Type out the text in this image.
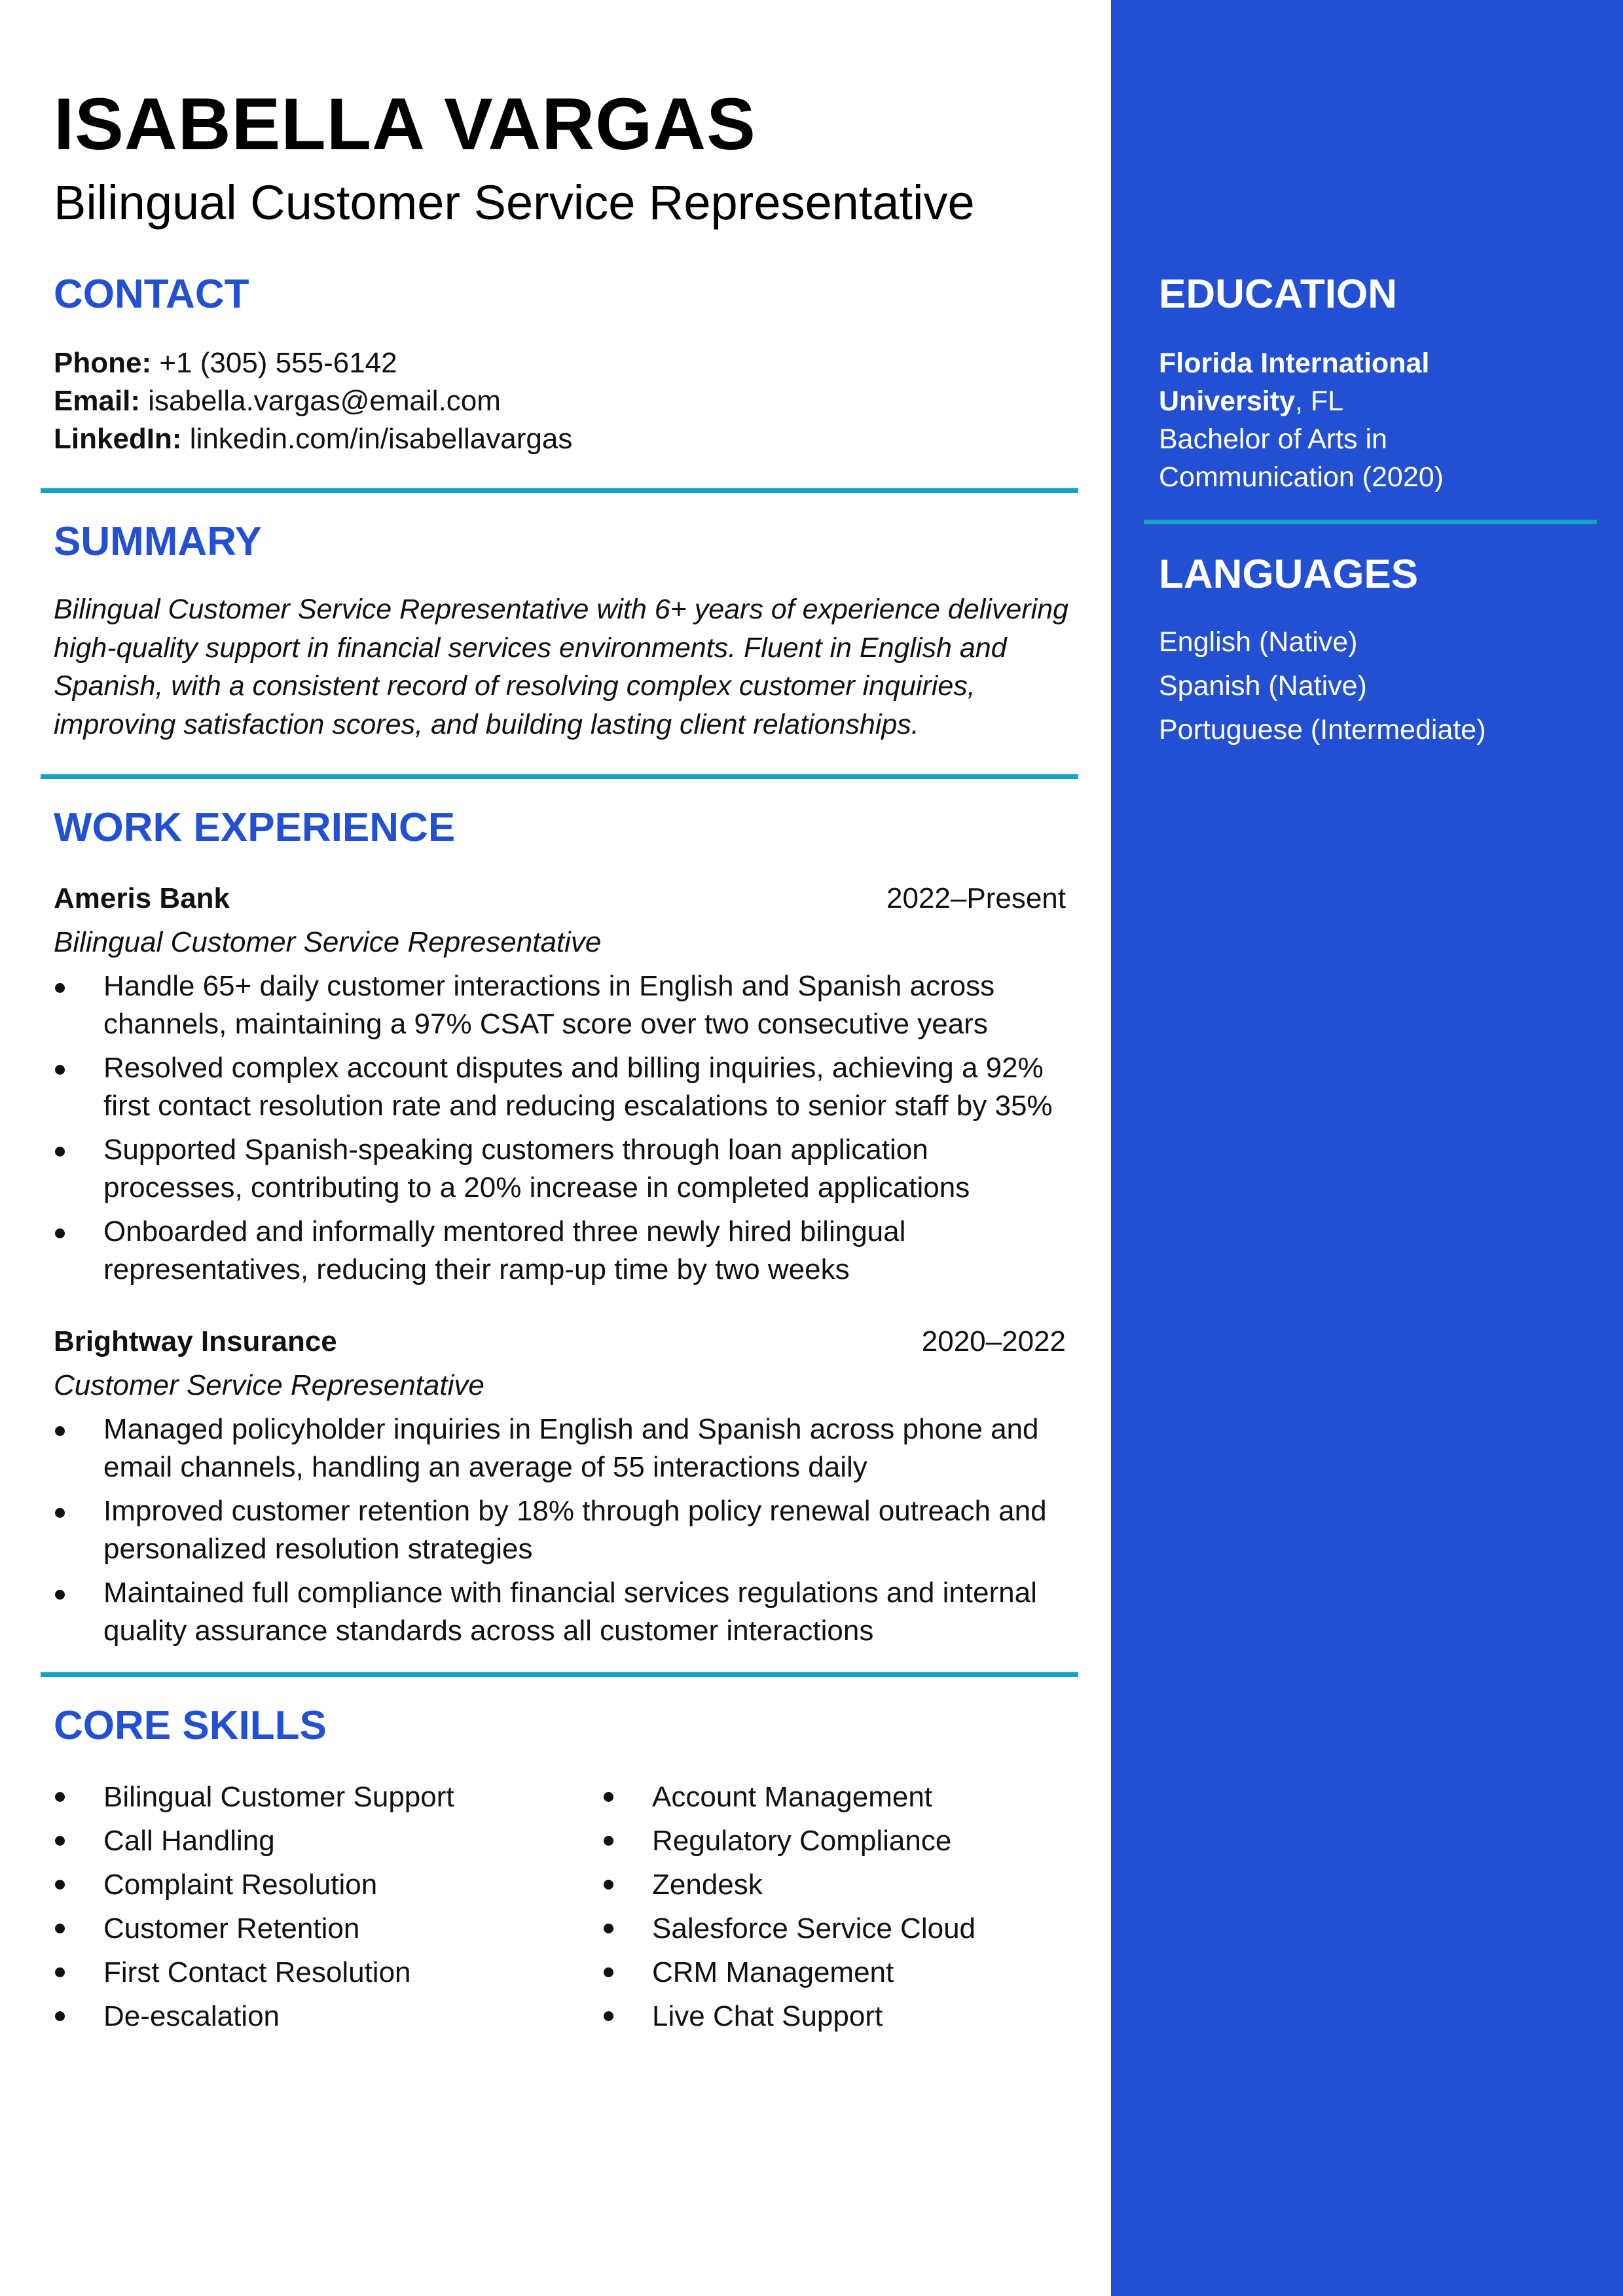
ISABELLA VARGAS
Bilingual Customer Service Representative
CONTACT
Phone: +1 (305) 555-6142
Email: isabella.vargas@email.com
LinkedIn: linkedin.com/in/isabellavargas
SUMMARY
Bilingual Customer Service Representative with 6+ years of experience delivering high-quality support in financial services environments. Fluent in English and Spanish, with a consistent record of resolving complex customer inquiries, improving satisfaction scores, and building lasting client relationships.
WORK EXPERIENCE
Ameris Bank	2022–Present
Bilingual Customer Service Representative
Handle 65+ daily customer interactions in English and Spanish across channels, maintaining a 97% CSAT score over two consecutive years
Resolved complex account disputes and billing inquiries, achieving a 92% first contact resolution rate and reducing escalations to senior staff by 35%
Supported Spanish-speaking customers through loan application processes, contributing to a 20% increase in completed applications
Onboarded and informally mentored three newly hired bilingual representatives, reducing their ramp-up time by two weeks
Brightway Insurance	2020–2022
Customer Service Representative
Managed policyholder inquiries in English and Spanish across phone and email channels, handling an average of 55 interactions daily
Improved customer retention by 18% through policy renewal outreach and personalized resolution strategies
Maintained full compliance with financial services regulations and internal quality assurance standards across all customer interactions
CORE SKILLS
Bilingual Customer Support
Call Handling
Complaint Resolution
Customer Retention
First Contact Resolution
De-escalation
Account Management
Regulatory Compliance
Zendesk
Salesforce Service Cloud
CRM Management
Live Chat Support
EDUCATION
Florida International University, FL
Bachelor of Arts in Communication (2020)
LANGUAGES
English (Native)
Spanish (Native)
Portuguese (Intermediate)
